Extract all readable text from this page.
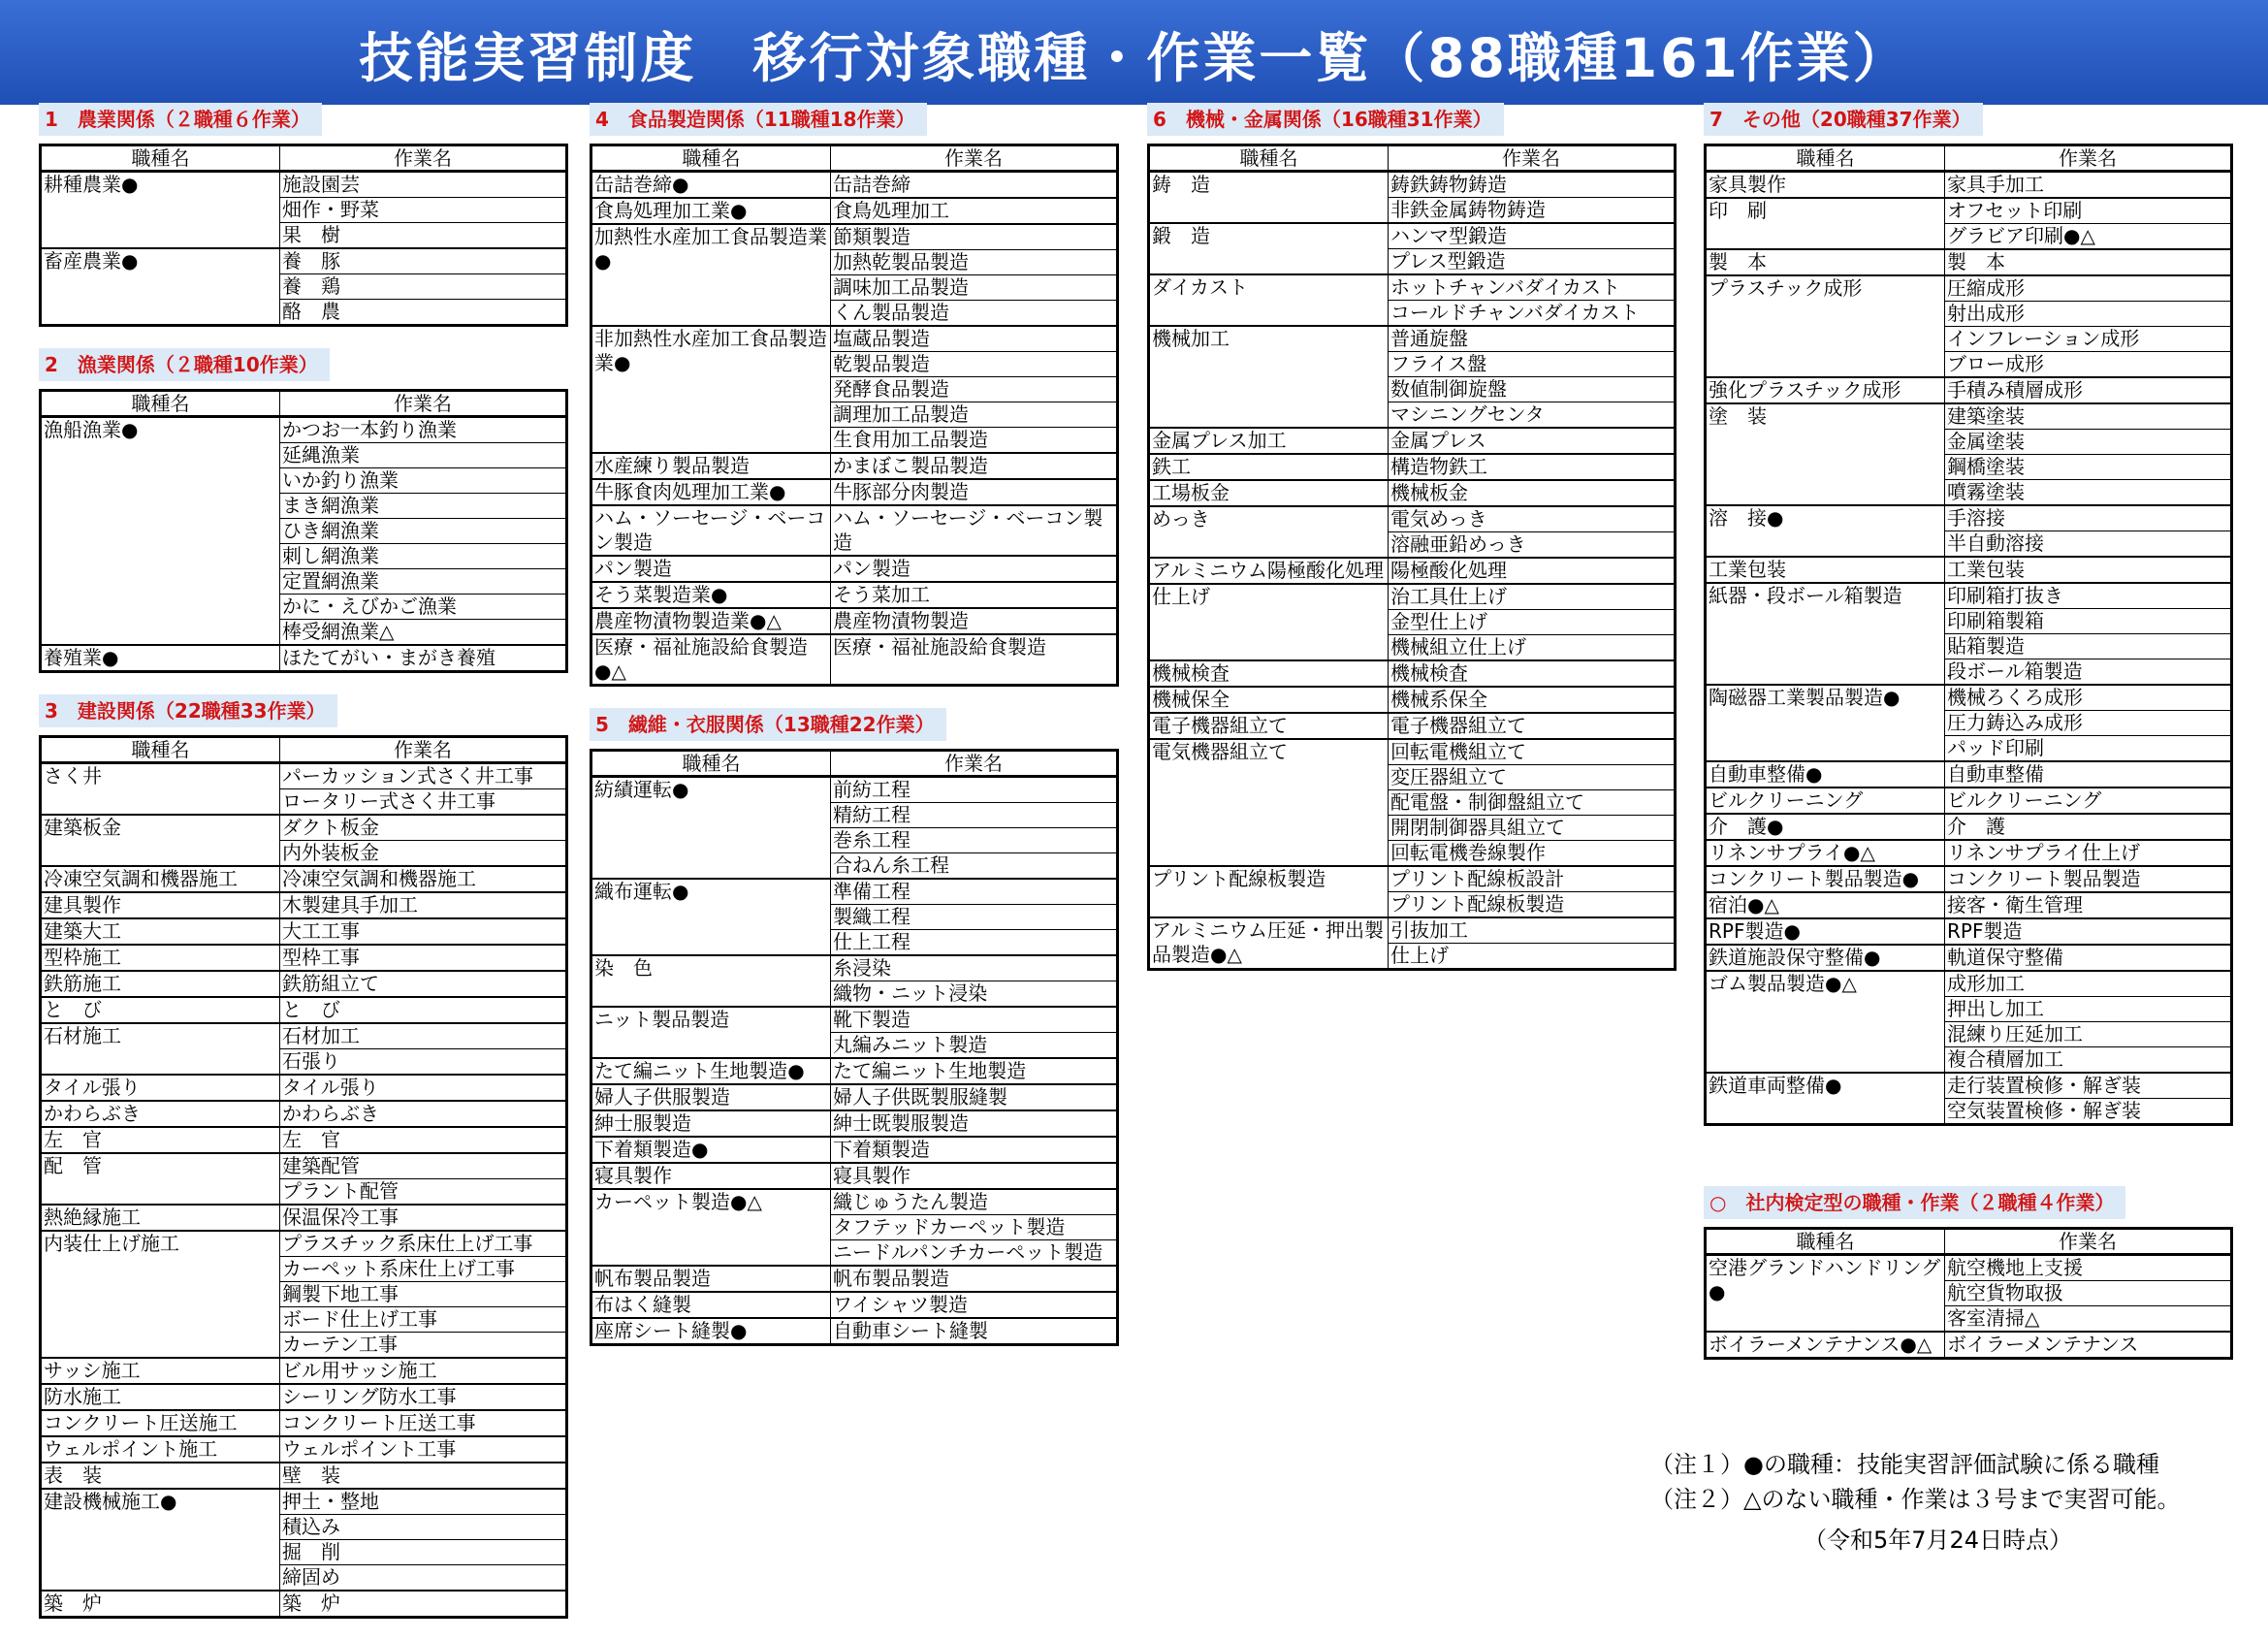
技能実習制度　移行対象職種・作業一覧（88職種161作業）
1　農業関係（２職種６作業）
職種名	作業名
耕種農業●	施設園芸
	畑作・野菜
	果　樹
畜産農業●	養　豚
	養　鶏
	酪　農
2　漁業関係（２職種10作業）
職種名	作業名
漁船漁業●	かつお一本釣り漁業
	延縄漁業
	いか釣り漁業
	まき網漁業
	ひき網漁業
	刺し網漁業
	定置網漁業
	かに・えびかご漁業
	棒受網漁業△
養殖業●	ほたてがい・まがき養殖
3　建設関係（22職種33作業）
職種名	作業名
さく井	パーカッション式さく井工事
	ロータリー式さく井工事
建築板金	ダクト板金
	内外装板金
冷凍空気調和機器施工	冷凍空気調和機器施工
建具製作	木製建具手加工
建築大工	大工工事
型枠施工	型枠工事
鉄筋施工	鉄筋組立て
と　び	と　び
石材施工	石材加工
	石張り
タイル張り	タイル張り
かわらぶき	かわらぶき
左　官	左　官
配　管	建築配管
	プラント配管
熱絶縁施工	保温保冷工事
内装仕上げ施工	プラスチック系床仕上げ工事
	カーペット系床仕上げ工事
	鋼製下地工事
	ボード仕上げ工事
	カーテン工事
サッシ施工	ビル用サッシ施工
防水施工	シーリング防水工事
コンクリート圧送施工	コンクリート圧送工事
ウェルポイント施工	ウェルポイント工事
表　装	壁　装
建設機械施工●	押土・整地
	積込み
	掘　削
	締固め
築　炉	築　炉
4　食品製造関係（11職種18作業）
職種名	作業名
缶詰巻締●	缶詰巻締
食鳥処理加工業●	食鳥処理加工
加熱性水産加工食品製造業●	節類製造
	加熱乾製品製造
	調味加工品製造
	くん製品製造
非加熱性水産加工食品製造業●	塩蔵品製造
	乾製品製造
	発酵食品製造
	調理加工品製造
	生食用加工品製造
水産練り製品製造	かまぼこ製品製造
牛豚食肉処理加工業●	牛豚部分肉製造
ハム・ソーセージ・ベーコン製造	ハム・ソーセージ・ベーコン製造
パン製造	パン製造
そう菜製造業●	そう菜加工
農産物漬物製造業●△	農産物漬物製造
医療・福祉施設給食製造●△	医療・福祉施設給食製造
5　繊維・衣服関係（13職種22作業）
職種名	作業名
紡績運転●	前紡工程
	精紡工程
	巻糸工程
	合ねん糸工程
織布運転●	準備工程
	製織工程
	仕上工程
染　色	糸浸染
	織物・ニット浸染
ニット製品製造	靴下製造
	丸編みニット製造
たて編ニット生地製造●	たて編ニット生地製造
婦人子供服製造	婦人子供既製服縫製
紳士服製造	紳士既製服製造
下着類製造●	下着類製造
寝具製作	寝具製作
カーペット製造●△	織じゅうたん製造
	タフテッドカーペット製造
	ニードルパンチカーペット製造
帆布製品製造	帆布製品製造
布はく縫製	ワイシャツ製造
座席シート縫製●	自動車シート縫製
6　機械・金属関係（16職種31作業）
職種名	作業名
鋳　造	鋳鉄鋳物鋳造
	非鉄金属鋳物鋳造
鍛　造	ハンマ型鍛造
	プレス型鍛造
ダイカスト	ホットチャンバダイカスト
	コールドチャンバダイカスト
機械加工	普通旋盤
	フライス盤
	数値制御旋盤
	マシニングセンタ
金属プレス加工	金属プレス
鉄工	構造物鉄工
工場板金	機械板金
めっき	電気めっき
	溶融亜鉛めっき
アルミニウム陽極酸化処理	陽極酸化処理
仕上げ	治工具仕上げ
	金型仕上げ
	機械組立仕上げ
機械検査	機械検査
機械保全	機械系保全
電子機器組立て	電子機器組立て
電気機器組立て	回転電機組立て
	変圧器組立て
	配電盤・制御盤組立て
	開閉制御器具組立て
	回転電機巻線製作
プリント配線板製造	プリント配線板設計
	プリント配線板製造
アルミニウム圧延・押出製品製造●△	引抜加工
	仕上げ
7　その他（20職種37作業）
職種名	作業名
家具製作	家具手加工
印　刷	オフセット印刷
	グラビア印刷●△
製　本	製　本
プラスチック成形	圧縮成形
	射出成形
	インフレーション成形
	ブロー成形
強化プラスチック成形	手積み積層成形
塗　装	建築塗装
	金属塗装
	鋼橋塗装
	噴霧塗装
溶　接●	手溶接
	半自動溶接
工業包装	工業包装
紙器・段ボール箱製造	印刷箱打抜き
	印刷箱製箱
	貼箱製造
	段ボール箱製造
陶磁器工業製品製造●	機械ろくろ成形
	圧力鋳込み成形
	パッド印刷
自動車整備●	自動車整備
ビルクリーニング	ビルクリーニング
介　護●	介　護
リネンサプライ●△	リネンサプライ仕上げ
コンクリート製品製造●	コンクリート製品製造
宿泊●△	接客・衛生管理
RPF製造●	RPF製造
鉄道施設保守整備●	軌道保守整備
ゴム製品製造●△	成形加工
	押出し加工
	混練り圧延加工
	複合積層加工
鉄道車両整備●	走行装置検修・解ぎ装
	空気装置検修・解ぎ装
○　社内検定型の職種・作業（２職種４作業）
職種名	作業名
空港グランドハンドリング●	航空機地上支援
	航空貨物取扱
	客室清掃△
ボイラーメンテナンス●△	ボイラーメンテナンス

（注１）●の職種：技能実習評価試験に係る職種
（注２）△のない職種・作業は３号まで実習可能。
（令和5年7月24日時点）
